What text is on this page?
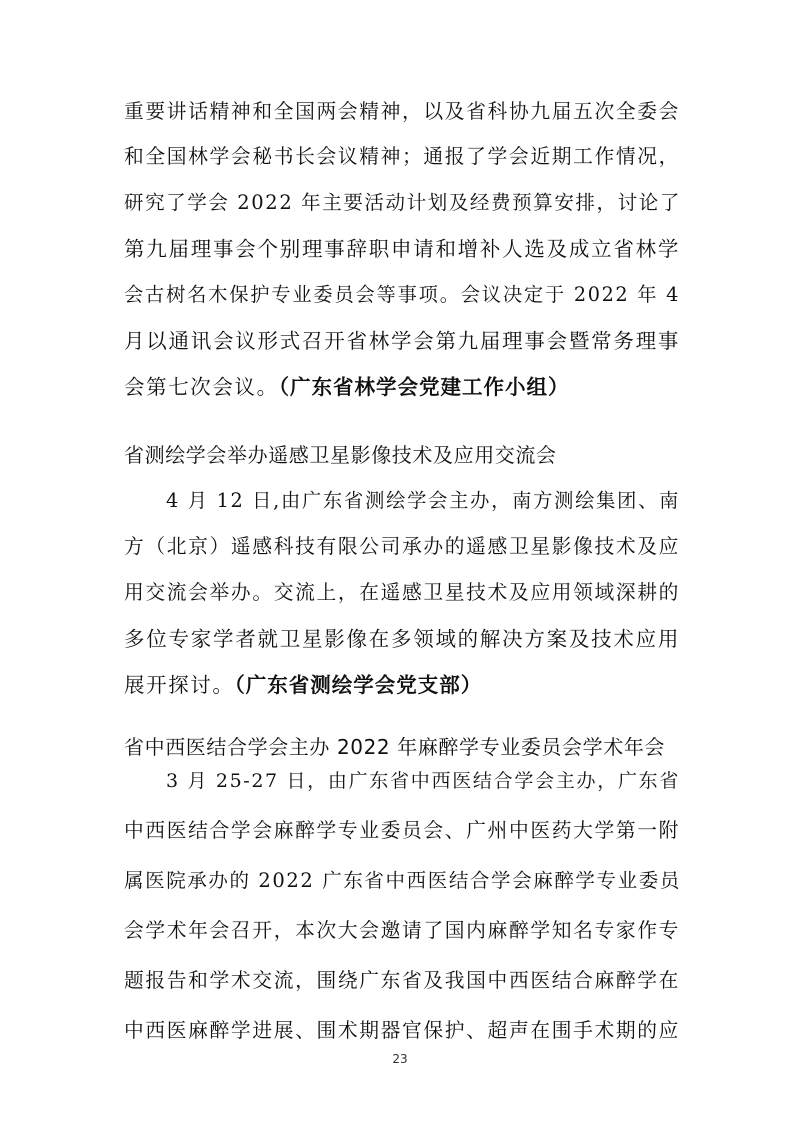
重要讲话精神和全国两会精神，以及省科协九届五次全委会
和全国林学会秘书长会议精神；通报了学会近期工作情况，
研究了学会 2022 年主要活动计划及经费预算安排，讨论了
第九届理事会个别理事辞职申请和增补人选及成立省林学
会古树名木保护专业委员会等事项。会议决定于 2022 年 4
月以通讯会议形式召开省林学会第九届理事会暨常务理事
会第七次会议。（广东省林学会党建工作小组）
省测绘学会举办遥感卫星影像技术及应用交流会
4 月 12 日,由广东省测绘学会主办，南方测绘集团、南
方（北京）遥感科技有限公司承办的遥感卫星影像技术及应
用交流会举办。交流上，在遥感卫星技术及应用领域深耕的
多位专家学者就卫星影像在多领域的解决方案及技术应用
展开探讨。（广东省测绘学会党支部）
省中西医结合学会主办 2022 年麻醉学专业委员会学术年会
3 月 25-27 日，由广东省中西医结合学会主办，广东省
中西医结合学会麻醉学专业委员会、广州中医药大学第一附
属医院承办的 2022 广东省中西医结合学会麻醉学专业委员
会学术年会召开，本次大会邀请了国内麻醉学知名专家作专
题报告和学术交流，围绕广东省及我国中西医结合麻醉学在
中西医麻醉学进展、围术期器官保护、超声在围手术期的应
23
